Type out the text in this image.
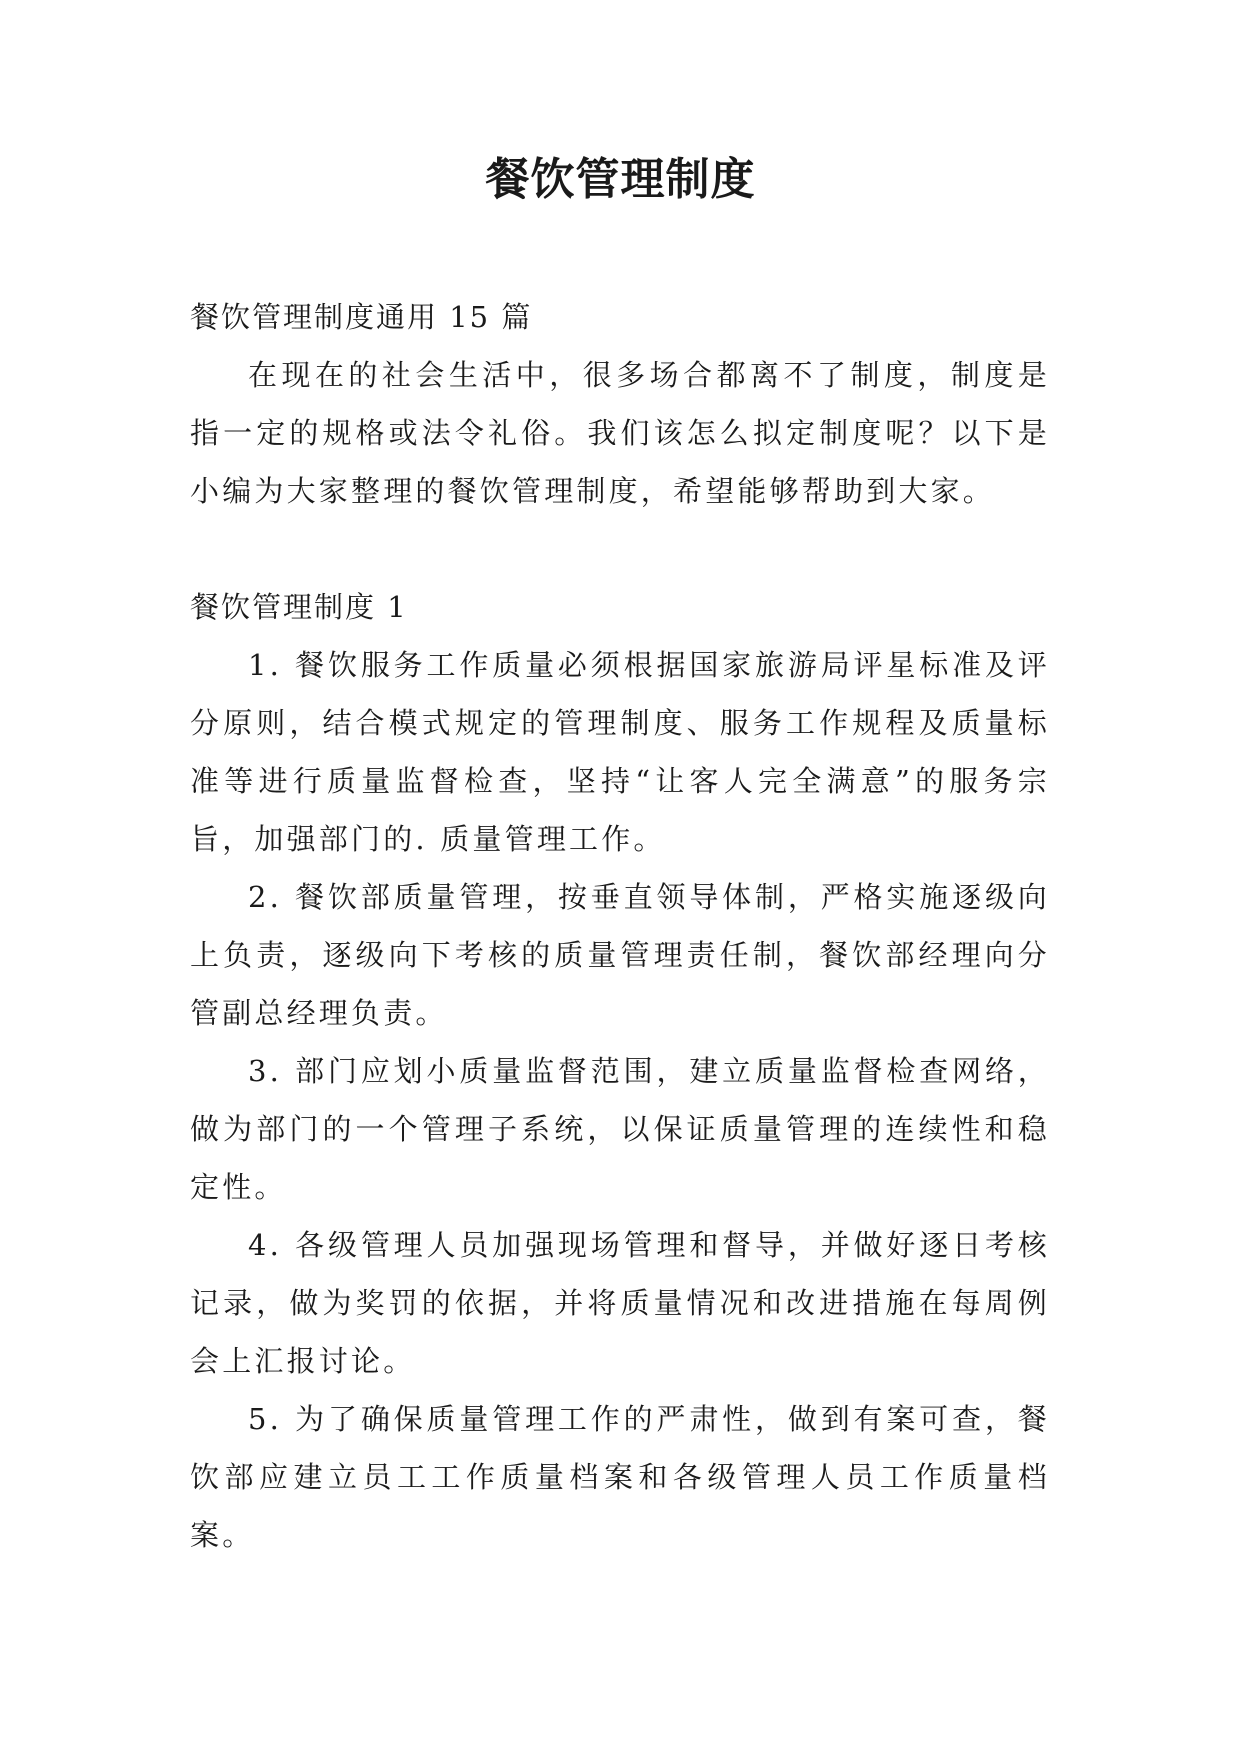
餐饮管理制度

餐饮管理制度通用 15 篇

在现在的社会生活中，很多场合都离不了制度，制度是指一定的规格或法令礼俗。我们该怎么拟定制度呢？以下是小编为大家整理的餐饮管理制度，希望能够帮助到大家。

餐饮管理制度 1

1. 餐饮服务工作质量必须根据国家旅游局评星标准及评分原则，结合模式规定的管理制度、服务工作规程及质量标准等进行质量监督检查，坚持“让客人完全满意”的服务宗旨，加强部门的. 质量管理工作。

2. 餐饮部质量管理，按垂直领导体制，严格实施逐级向上负责，逐级向下考核的质量管理责任制，餐饮部经理向分管副总经理负责。

3. 部门应划小质量监督范围，建立质量监督检查网络，做为部门的一个管理子系统，以保证质量管理的连续性和稳定性。

4. 各级管理人员加强现场管理和督导，并做好逐日考核记录，做为奖罚的依据，并将质量情况和改进措施在每周例会上汇报讨论。

5. 为了确保质量管理工作的严肃性，做到有案可查，餐饮部应建立员工工作质量档案和各级管理人员工作质量档案。
